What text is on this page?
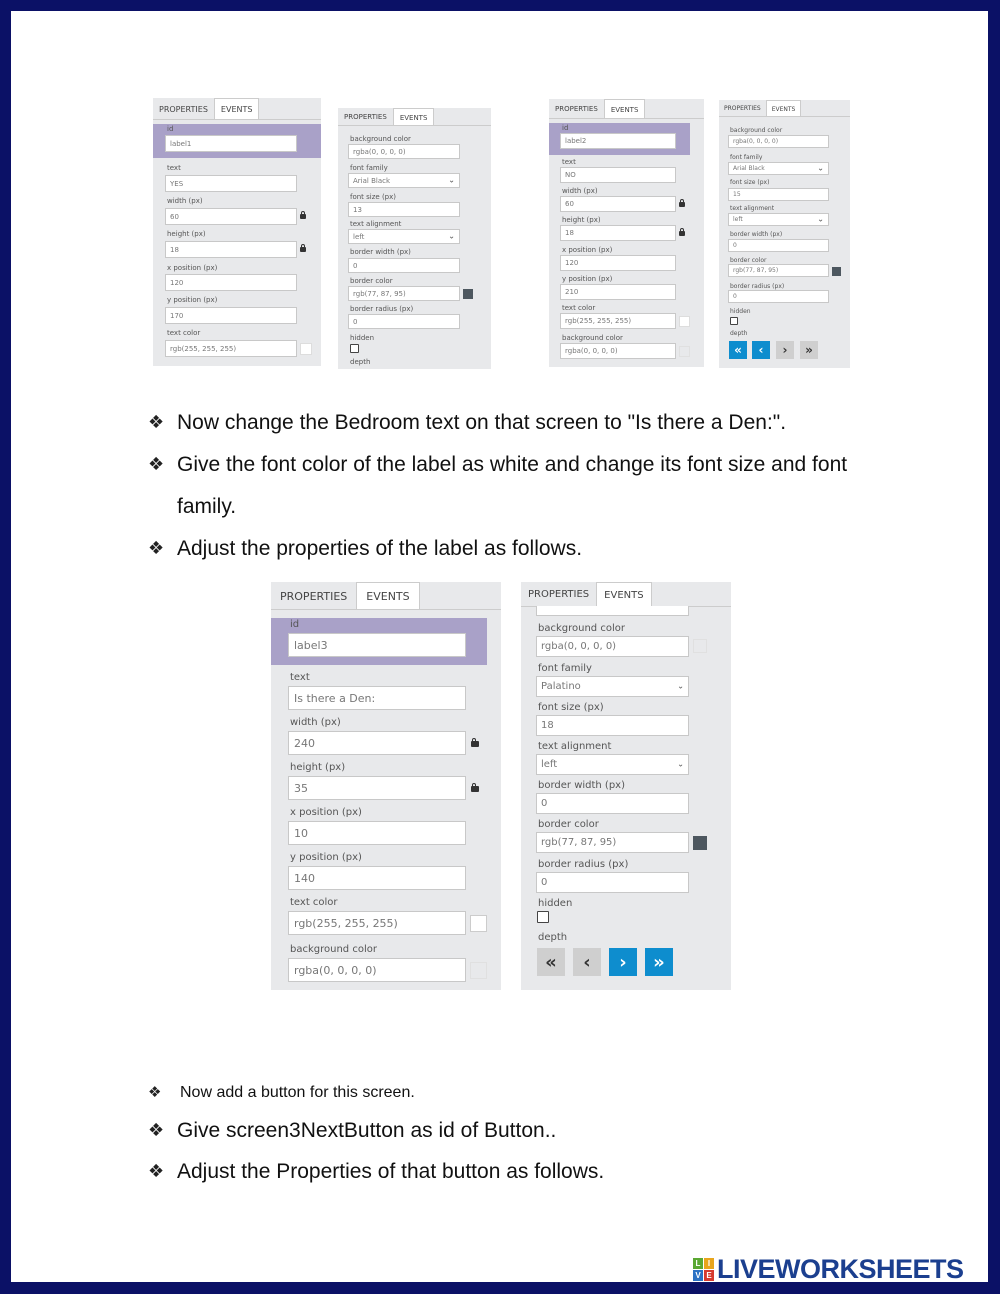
PROPERTIES	EVENTS
id
label1
text
YES
width (px)
60
height (px)
18
x position (px)
120
y position (px)
170
text color
rgb(255, 255, 255)
PROPERTIES	EVENTS
background color
rgba(0, 0, 0, 0)
font family
Arial Black ⌄
font size (px)
13
text alignment
left ⌄
border width (px)
0
border color
rgb(77, 87, 95)
border radius (px)
0
hidden
depth
PROPERTIES	EVENTS
id
label2
text
NO
width (px)
60
height (px)
18
x position (px)
120
y position (px)
210
text color
rgb(255, 255, 255)
background color
rgba(0, 0, 0, 0)
PROPERTIES	EVENTS
background color
rgba(0, 0, 0, 0)
font family
Arial Black ⌄
font size (px)
15
text alignment
left ⌄
border width (px)
0
border color
rgb(77, 87, 95)
border radius (px)
0
hidden
depth
«	‹	›	»
❖ Now change the Bedroom text on that screen to "Is there a Den:".
❖ Give the font color of the label as white and change its font size and font
family.
❖ Adjust the properties of the label as follows.
PROPERTIES	EVENTS
id
label3
text
Is there a Den:
width (px)
240
height (px)
35
x position (px)
10
y position (px)
140
text color
rgb(255, 255, 255)
background color
rgba(0, 0, 0, 0)
PROPERTIES	EVENTS
background color
rgba(0, 0, 0, 0)
font family
Palatino ⌄
font size (px)
18
text alignment
left ⌄
border width (px)
0
border color
rgb(77, 87, 95)
border radius (px)
0
hidden
depth
«	‹	›	»
❖ Now add a button for this screen.
❖ Give screen3NextButton as id of Button..
❖ Adjust the Properties of that button as follows.
L I
V E LIVEWORKSHEETS
